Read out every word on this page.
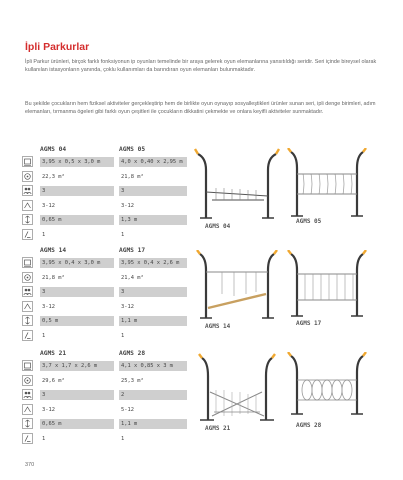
İpli Parkurlar
İpli Parkur ürünleri, birçok farklı fonksiyonun ip oyunları temelinde bir araya gelerek oyun elemanlarına yansıtıldığı seridir. Seri içinde bireysel olarak kullanılan istasyonların yanında, çoklu kullanımları da barındıran oyun elemanları bulunmaktadır.
Bu şekilde çocukların hem fiziksel aktiviteler gerçekleştirip hem de birlikte oyun oynayıp sosyalleştikleri ürünler sunan seri, ipli denge birimleri, adım elemanları, tırmanma ögeleri gibi farklı oyun çeşitleri ile çocukların dikkatini çekmekte ve onlara keyifli aktiviteler sunmaktadır.
AGMS 04	AGMS 05
3,95 x 0,5 x 3,0 m	4,0 x 0,40 x 2,95 m
22,3 m²	21,8 m²
3	3
3-12	3-12
0,65 m	1,3 m
1	1
AGMS 14	AGMS 17
3,95 x 0,4 x 3,0 m	3,95 x 0,4 x 2,6 m
21,8 m²	21,4 m²
3	3
3-12	3-12
0,5 m	1,1 m
1	1
AGMS 21	AGMS 28
3,7 x 1,7 x 2,6 m	4,1 x 0,85 x 3 m
29,6 m²	25,3 m²
3	2
3-12	5-12
0,65 m	1,1 m
1	1
AGMS 04
AGMS 05
AGMS 14	AGMS 17
AGMS 21	AGMS 28
370
